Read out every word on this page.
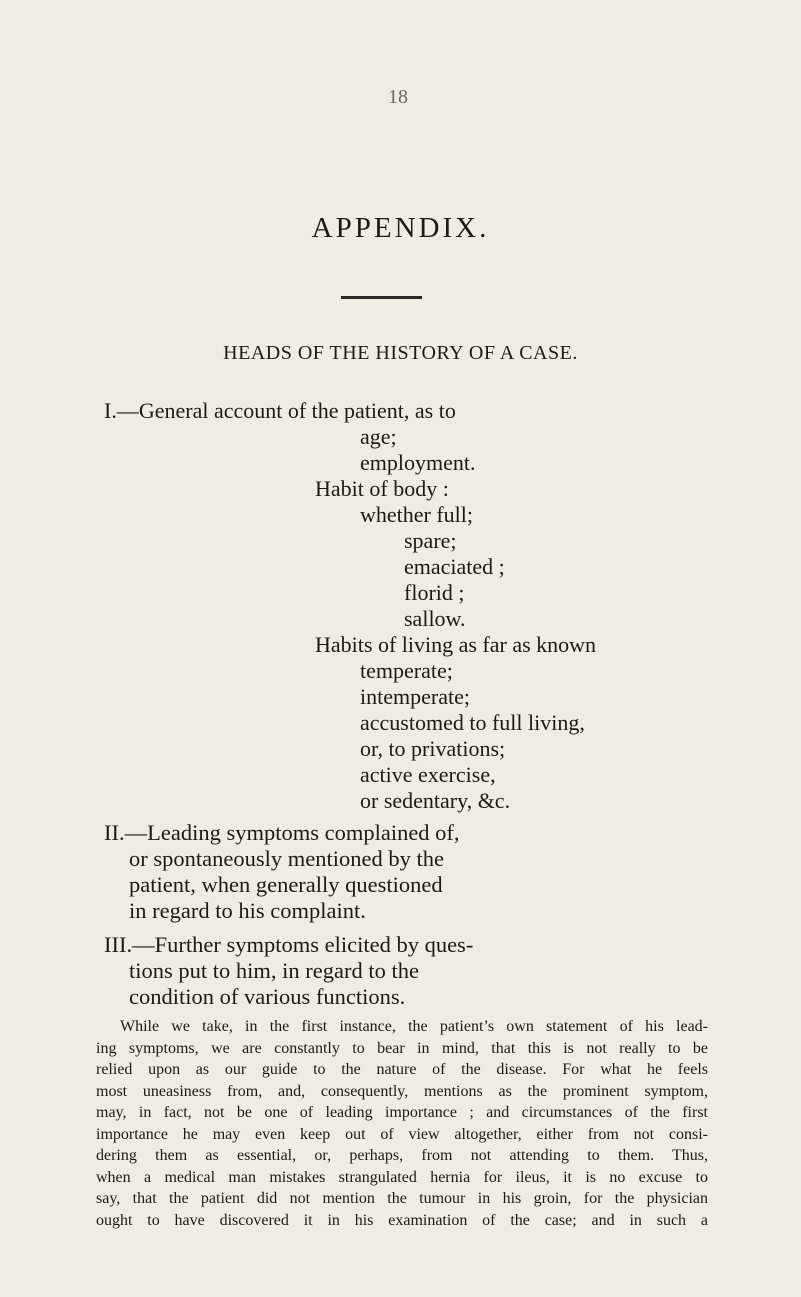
18
APPENDIX.
HEADS OF THE HISTORY OF A CASE.
I.—General account of the patient, as to
age;
employment.
Habit of body :
whether full;
spare;
emaciated ;
florid ;
sallow.
Habits of living as far as known
temperate;
intemperate;
accustomed to full living,
or, to privations;
active exercise,
or sedentary, &c.
II.—Leading symptoms complained of,
or spontaneously mentioned by the
patient, when generally questioned
in regard to his complaint.
III.—Further symptoms elicited by ques-
tions put to him, in regard to the
condition of various functions.
While we take, in the first instance, the patient’s own statement of his lead-
ing symptoms, we are constantly to bear in mind, that this is not really to be
relied upon as our guide to the nature of the disease. For what he feels
most uneasiness from, and, consequently, mentions as the prominent symptom,
may, in fact, not be one of leading importance ; and circumstances of the first
importance he may even keep out of view altogether, either from not consi-
dering them as essential, or, perhaps, from not attending to them. Thus,
when a medical man mistakes strangulated hernia for ileus, it is no excuse to
say, that the patient did not mention the tumour in his groin, for the physician
ought to have discovered it in his examination of the case; and in such a
